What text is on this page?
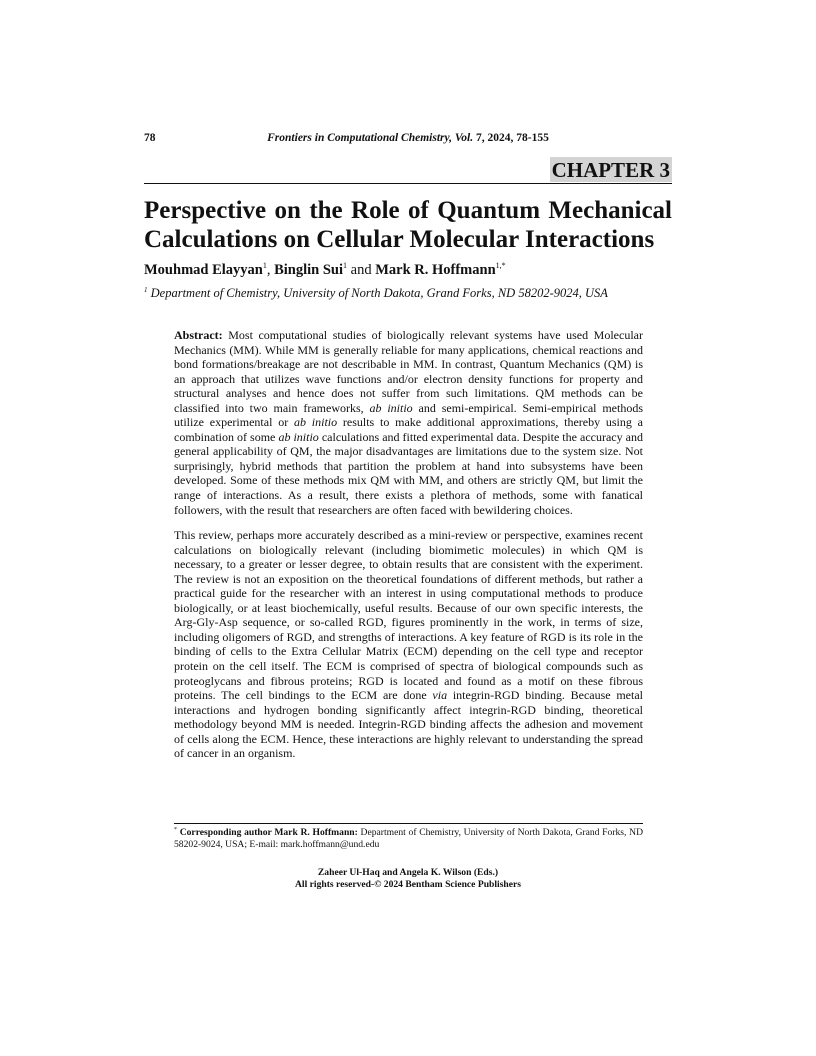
78	Frontiers in Computational Chemistry, Vol. 7, 2024, 78-155
CHAPTER 3
Perspective on the Role of Quantum Mechanical
Calculations on Cellular Molecular Interactions
Mouhmad Elayyan$^1$, Binglin Sui$^1$ and Mark R. Hoffmann$^{1,*}$
$^1$ Department of Chemistry, University of North Dakota, Grand Forks, ND 58202-9024, USA

Abstract: Most computational studies of biologically relevant systems have used Molecular Mechanics (MM). While MM is generally reliable for many applications, chemical reactions and bond formations/breakage are not describable in MM. In contrast, Quantum Mechanics (QM) is an approach that utilizes wave functions and/or electron density functions for property and structural analyses and hence does not suffer from such limitations. QM methods can be classified into two main frameworks, ab initio and semi-empirical. Semi-empirical methods utilize experimental or ab initio results to make additional approximations, thereby using a combination of some ab initio calculations and fitted experimental data. Despite the accuracy and general applicability of QM, the major disadvantages are limitations due to the system size. Not surprisingly, hybrid methods that partition the problem at hand into subsystems have been developed. Some of these methods mix QM with MM, and others are strictly QM, but limit the range of interactions. As a result, there exists a plethora of methods, some with fanatical followers, with the result that researchers are often faced with bewildering choices.

This review, perhaps more accurately described as a mini-review or perspective, examines recent calculations on biologically relevant (including biomimetic molecules) in which QM is necessary, to a greater or lesser degree, to obtain results that are consistent with the experiment. The review is not an exposition on the theoretical foundations of different methods, but rather a practical guide for the researcher with an interest in using computational methods to produce biologically, or at least biochemically, useful results. Because of our own specific interests, the Arg-Gly-Asp sequence, or so-called RGD, figures prominently in the work, in terms of size, including oligomers of RGD, and strengths of interactions. A key feature of RGD is its role in the binding of cells to the Extra Cellular Matrix (ECM) depending on the cell type and receptor protein on the cell itself. The ECM is comprised of spectra of biological compounds such as proteoglycans and fibrous proteins; RGD is located and found as a motif on these fibrous proteins. The cell bindings to the ECM are done via integrin-RGD binding. Because metal interactions and hydrogen bonding significantly affect integrin-RGD binding, theoretical methodology beyond MM is needed. Integrin-RGD binding affects the adhesion and movement of cells along the ECM. Hence, these interactions are highly relevant to understanding the spread of cancer in an organism.

* Corresponding author Mark R. Hoffmann: Department of Chemistry, University of North Dakota, Grand Forks, ND 58202-9024, USA; E-mail: mark.hoffmann@und.edu
Zaheer Ul-Haq and Angela K. Wilson (Eds.)
All rights reserved-© 2024 Bentham Science Publishers
